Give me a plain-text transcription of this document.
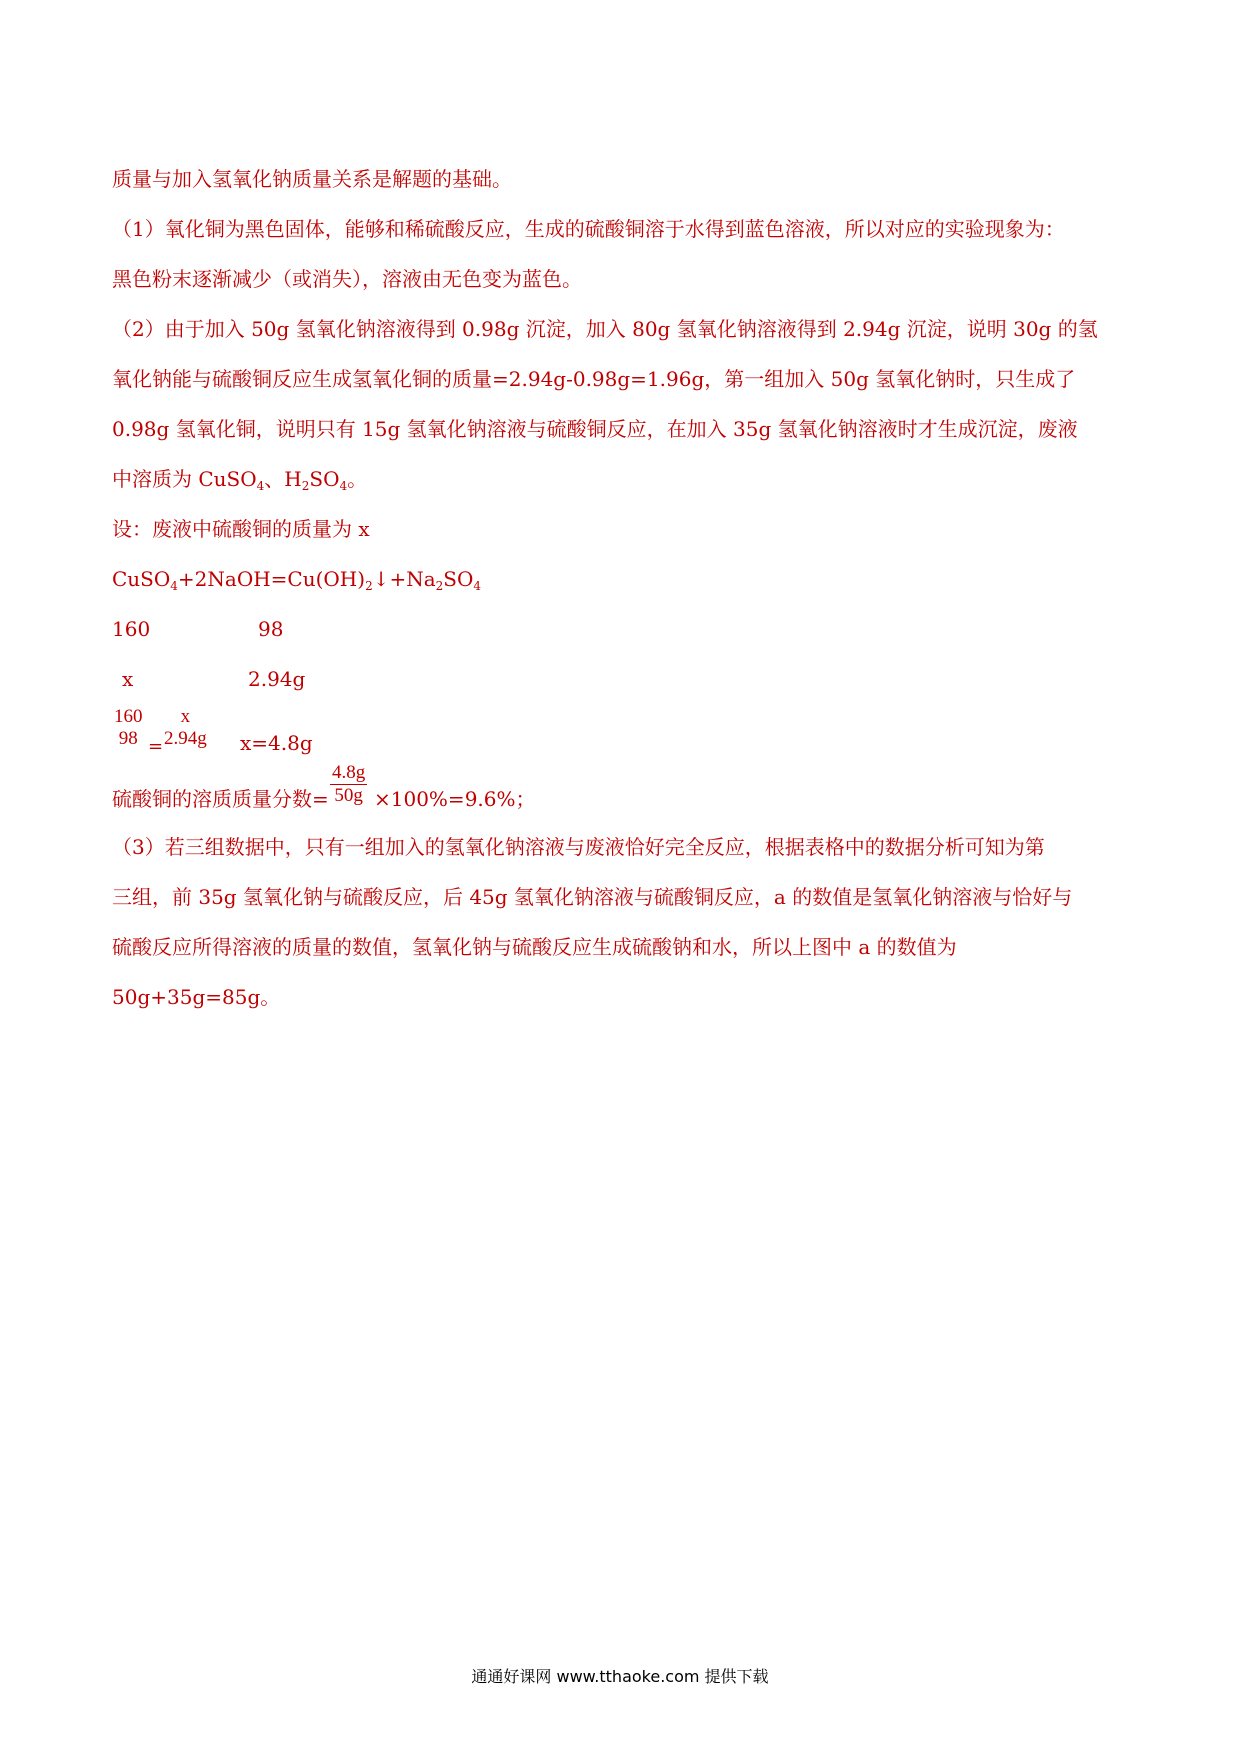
质量与加入氢氧化钠质量关系是解题的基础。
（1）氧化铜为黑色固体，能够和稀硫酸反应，生成的硫酸铜溶于水得到蓝色溶液，所以对应的实验现象为：
黑色粉末逐渐减少（或消失），溶液由无色变为蓝色。
（2）由于加入 50g 氢氧化钠溶液得到 0.98g 沉淀，加入 80g 氢氧化钠溶液得到 2.94g 沉淀，说明 30g 的氢
氧化钠能与硫酸铜反应生成氢氧化铜的质量=2.94g-0.98g=1.96g，第一组加入 50g 氢氧化钠时，只生成了
0.98g 氢氧化铜，说明只有 15g 氢氧化钠溶液与硫酸铜反应，在加入 35g 氢氧化钠溶液时才生成沉淀，废液
中溶质为 CuSO$_4$、$H_2SO_4$。
设：废液中硫酸铜的质量为 x
$CuSO_4+2NaOH=Cu(OH)_2↓+Na_2SO_4$
160	98
x	2.94g
160
98 =
x
2.94g x=4.8g
硫酸铜的溶质质量分数= $\frac{4.8g}{50g} \times 100\%=9.6\%$；
（3）若三组数据中，只有一组加入的氢氧化钠溶液与废液恰好完全反应，根据表格中的数据分析可知为第
三组，前 35g 氢氧化钠与硫酸反应，后 45g 氢氧化钠溶液与硫酸铜反应，a 的数值是氢氧化钠溶液与恰好与
硫酸反应所得溶液的质量的数值，氢氧化钠与硫酸反应生成硫酸钠和水，所以上图中 a 的数值为
50g+35g=85g。
通通好课网 www.tthaoke.com 提供下载
